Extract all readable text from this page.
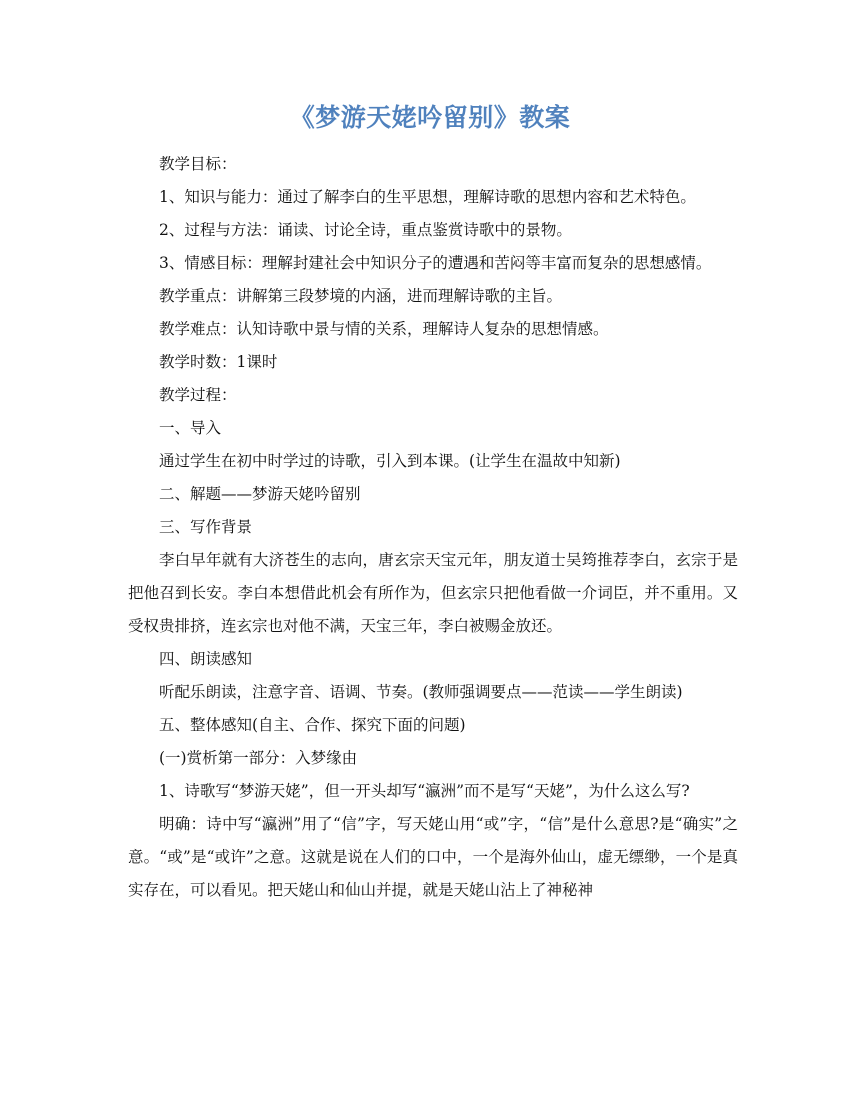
《梦游天姥吟留别》教案

教学目标：

1、知识与能力：通过了解李白的生平思想，理解诗歌的思想内容和艺术特色。

2、过程与方法：诵读、讨论全诗，重点鉴赏诗歌中的景物。

3、情感目标：理解封建社会中知识分子的遭遇和苦闷等丰富而复杂的思想感情。

教学重点：讲解第三段梦境的内涵，进而理解诗歌的主旨。

教学难点：认知诗歌中景与情的关系，理解诗人复杂的思想情感。

教学时数：1课时

教学过程：

一、导入

通过学生在初中时学过的诗歌，引入到本课。(让学生在温故中知新)

二、解题——梦游天姥吟留别

三、写作背景

李白早年就有大济苍生的志向，唐玄宗天宝元年，朋友道士吴筠推荐李白，玄宗于是把他召到长安。李白本想借此机会有所作为，但玄宗只把他看做一介词臣，并不重用。又受权贵排挤，连玄宗也对他不满，天宝三年，李白被赐金放还。

四、朗读感知

听配乐朗读，注意字音、语调、节奏。(教师强调要点——范读——学生朗读)

五、整体感知(自主、合作、探究下面的问题)

(一)赏析第一部分：入梦缘由

1、诗歌写“梦游天姥”，但一开头却写“瀛洲”而不是写“天姥”，为什么这么写?

明确：诗中写“瀛洲”用了“信”字，写天姥山用“或”字，“信”是什么意思?是“确实”之意。“或”是“或许”之意。这就是说在人们的口中，一个是海外仙山，虚无缥缈，一个是真实存在，可以看见。把天姥山和仙山并提，就是天姥山沾上了神秘神
